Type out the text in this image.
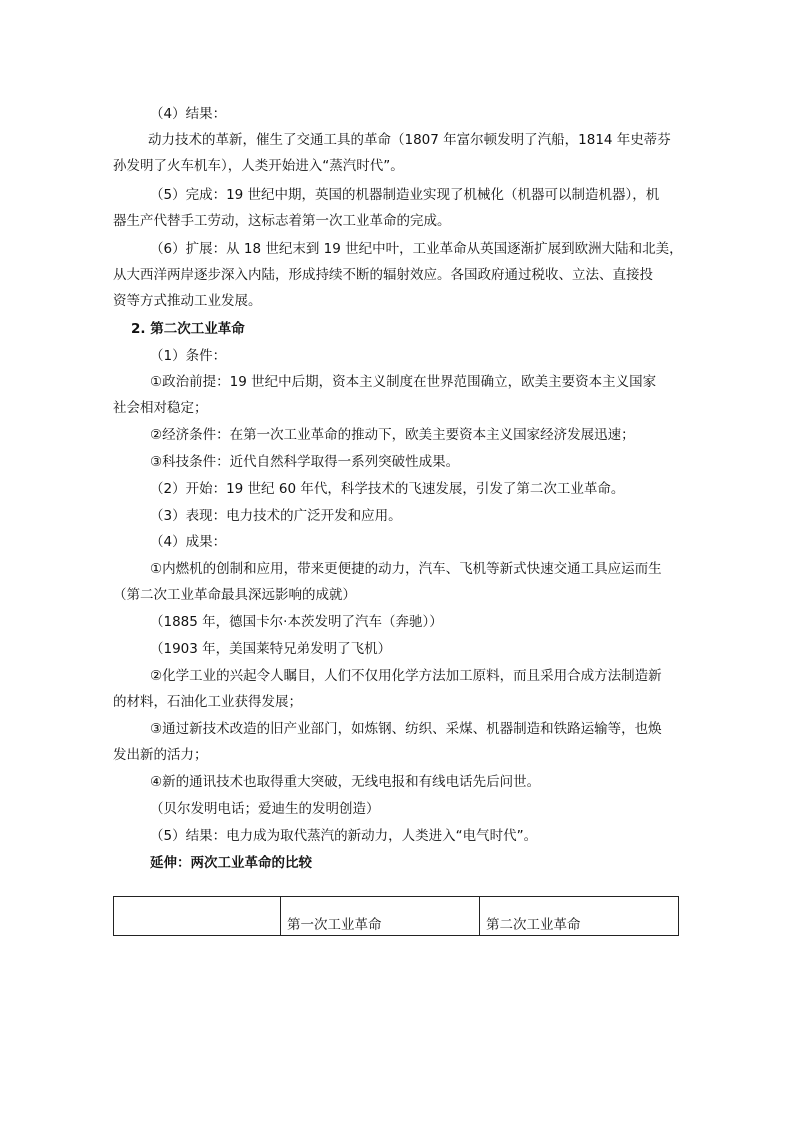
（4）结果：
动力技术的革新，催生了交通工具的革命（1807 年富尔顿发明了汽船，1814 年史蒂芬
孙发明了火车机车），人类开始进入“蒸汽时代”。
（5）完成：19 世纪中期，英国的机器制造业实现了机械化（机器可以制造机器），机
器生产代替手工劳动，这标志着第一次工业革命的完成。
（6）扩展：从 18 世纪末到 19 世纪中叶，工业革命从英国逐渐扩展到欧洲大陆和北美，
从大西洋两岸逐步深入内陆，形成持续不断的辐射效应。各国政府通过税收、立法、直接投
资等方式推动工业发展。
2. 第二次工业革命
（1）条件：
①政治前提：19 世纪中后期，资本主义制度在世界范围确立，欧美主要资本主义国家
社会相对稳定；
②经济条件：在第一次工业革命的推动下，欧美主要资本主义国家经济发展迅速；
③科技条件：近代自然科学取得一系列突破性成果。
（2）开始：19 世纪 60 年代，科学技术的飞速发展，引发了第二次工业革命。
（3）表现：电力技术的广泛开发和应用。
（4）成果：
①内燃机的创制和应用，带来更便捷的动力，汽车、飞机等新式快速交通工具应运而生
（第二次工业革命最具深远影响的成就）
（1885 年，德国卡尔·本茨发明了汽车（奔驰））
（1903 年，美国莱特兄弟发明了飞机）
②化学工业的兴起令人瞩目，人们不仅用化学方法加工原料，而且采用合成方法制造新
的材料，石油化工业获得发展；
③通过新技术改造的旧产业部门，如炼钢、纺织、采煤、机器制造和铁路运输等，也焕
发出新的活力；
④新的通讯技术也取得重大突破，无线电报和有线电话先后问世。
（贝尔发明电话；爱迪生的发明创造）
（5）结果：电力成为取代蒸汽的新动力，人类进入“电气时代”。
延伸：两次工业革命的比较
	第一次工业革命	第二次工业革命
